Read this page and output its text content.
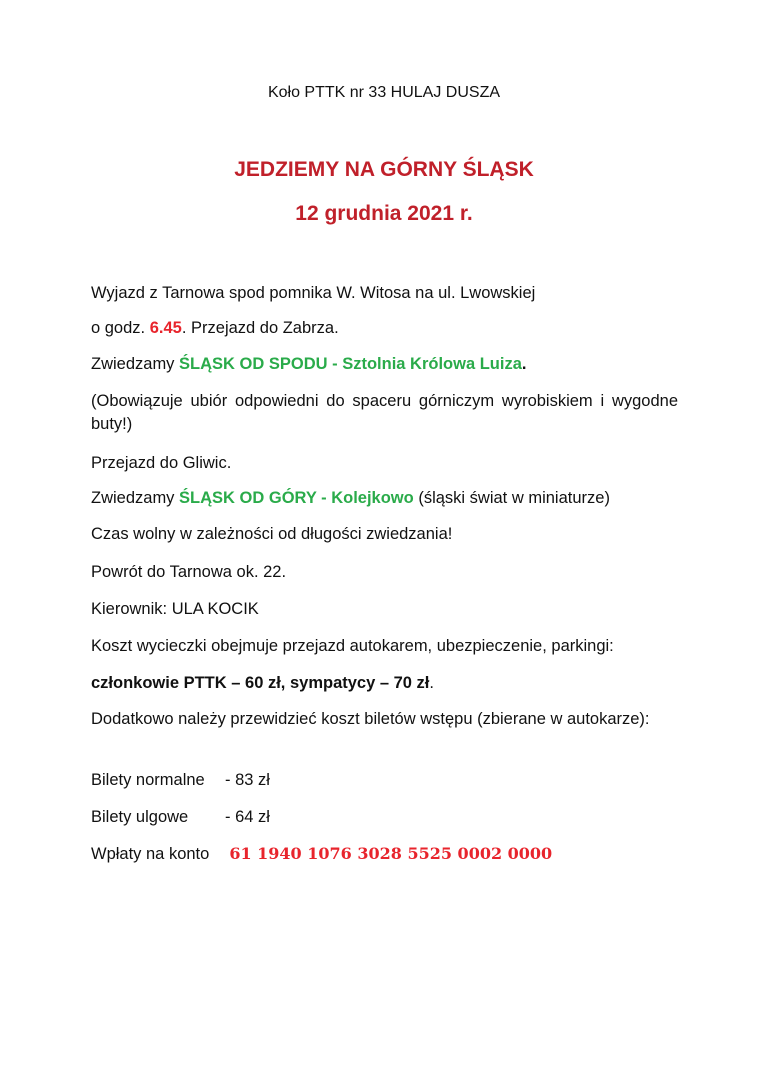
Koło PTTK nr 33 HULAJ DUSZA
JEDZIEMY NA GÓRNY ŚLĄSK
12 grudnia 2021 r.
Wyjazd z Tarnowa spod pomnika W. Witosa na ul. Lwowskiej
o godz. 6.45. Przejazd do Zabrza.
Zwiedzamy ŚLĄSK OD SPODU - Sztolnia Królowa Luiza.
(Obowiązuje ubiór odpowiedni do spaceru górniczym wyrobiskiem i wygodne buty!)
Przejazd do Gliwic.
Zwiedzamy ŚLĄSK OD GÓRY - Kolejkowo (śląski świat w miniaturze)
Czas wolny w zależności od długości zwiedzania!
Powrót do Tarnowa ok. 22.
Kierownik: ULA KOCIK
Koszt wycieczki obejmuje przejazd autokarem, ubezpieczenie, parkingi:
członkowie PTTK – 60 zł, sympatycy – 70 zł.
Dodatkowo należy przewidzieć koszt biletów wstępu (zbierane w autokarze):
Bilety normalne - 83 zł
Bilety ulgowe - 64 zł
Wpłaty na konto 61 1940 1076 3028 5525 0002 0000
